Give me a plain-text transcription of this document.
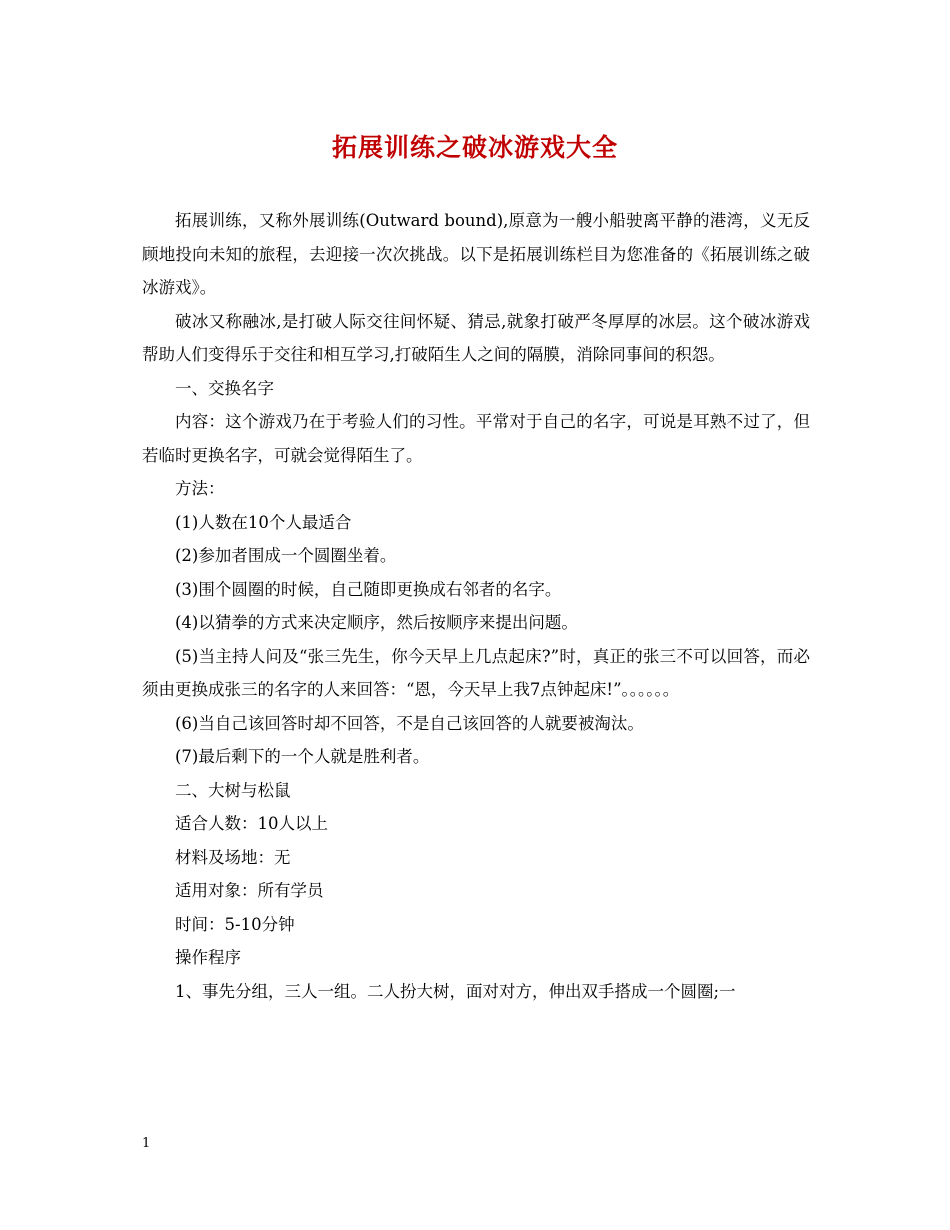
拓展训练之破冰游戏大全

拓展训练，又称外展训练(Outward bound),原意为一艘小船驶离平静的港湾，义无反顾地投向未知的旅程，去迎接一次次挑战。以下是拓展训练栏目为您准备的《拓展训练之破冰游戏》。

破冰又称融冰,是打破人际交往间怀疑、猜忌,就象打破严冬厚厚的冰层。这个破冰游戏帮助人们变得乐于交往和相互学习,打破陌生人之间的隔膜，消除同事间的积怨。

一、交换名字

内容：这个游戏乃在于考验人们的习性。平常对于自己的名字，可说是耳熟不过了，但若临时更换名字，可就会觉得陌生了。

方法：

(1)人数在10个人最适合

(2)参加者围成一个圆圈坐着。

(3)围个圆圈的时候，自己随即更换成右邻者的名字。

(4)以猜拳的方式来决定顺序，然后按顺序来提出问题。

(5)当主持人问及“张三先生，你今天早上几点起床?”时，真正的张三不可以回答，而必须由更换成张三的名字的人来回答：“恩，今天早上我7点钟起床!”。。。。。。

(6)当自己该回答时却不回答，不是自己该回答的人就要被淘汰。

(7)最后剩下的一个人就是胜利者。

二、大树与松鼠

适合人数：10人以上

材料及场地：无

适用对象：所有学员

时间：5-10分钟

操作程序

1、事先分组，三人一组。二人扮大树，面对对方，伸出双手搭成一个圆圈;一

1
